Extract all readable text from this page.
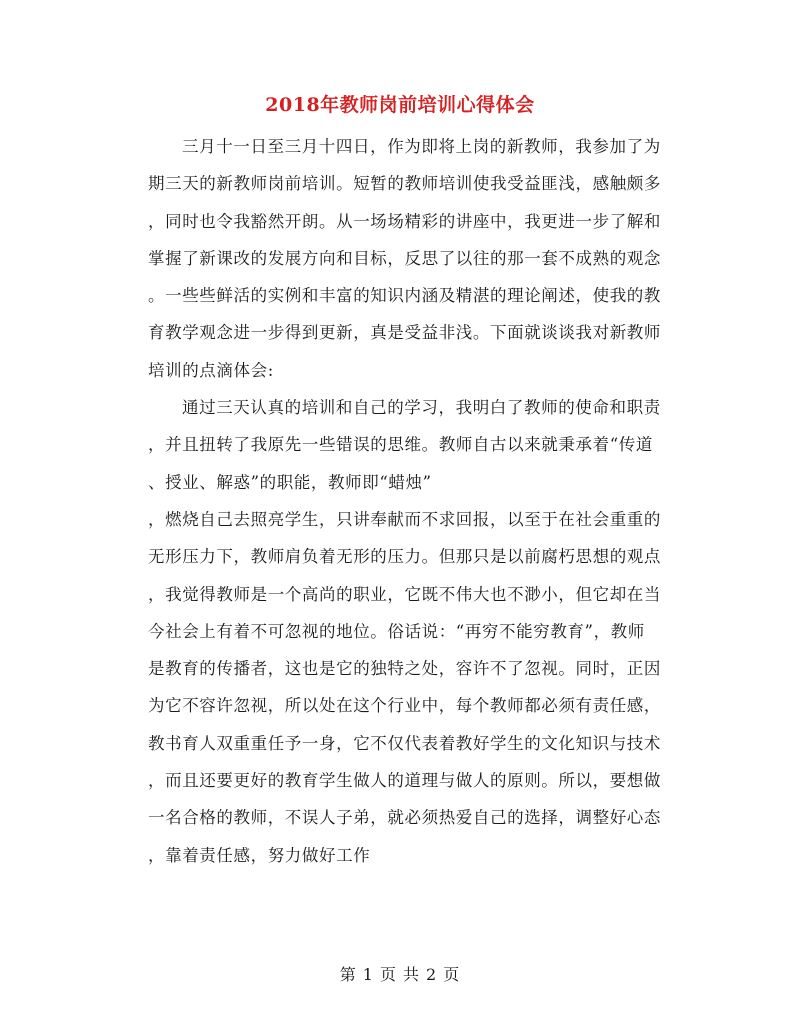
2018年教师岗前培训心得体会
三月十一日至三月十四日，作为即将上岗的新教师，我参加了为
期三天的新教师岗前培训。短暂的教师培训使我受益匪浅，感触颇多
，同时也令我豁然开朗。从一场场精彩的讲座中，我更进一步了解和
掌握了新课改的发展方向和目标，反思了以往的那一套不成熟的观念
。一些些鲜活的实例和丰富的知识内涵及精湛的理论阐述，使我的教
育教学观念进一步得到更新，真是受益非浅。下面就谈谈我对新教师
培训的点滴体会:
通过三天认真的培训和自己的学习，我明白了教师的使命和职责
，并且扭转了我原先一些错误的思维。教师自古以来就秉承着“传道
、授业、解惑”的职能，教师即“蜡烛”
，燃烧自己去照亮学生，只讲奉献而不求回报，以至于在社会重重的
无形压力下，教师肩负着无形的压力。但那只是以前腐朽思想的观点
，我觉得教师是一个高尚的职业，它既不伟大也不渺小，但它却在当
今社会上有着不可忽视的地位。俗话说：“再穷不能穷教育”，教师
是教育的传播者，这也是它的独特之处，容许不了忽视。同时，正因
为它不容许忽视，所以处在这个行业中，每个教师都必须有责任感，
教书育人双重重任予一身，它不仅代表着教好学生的文化知识与技术
，而且还要更好的教育学生做人的道理与做人的原则。所以，要想做
一名合格的教师，不误人子弟，就必须热爱自己的选择，调整好心态
，靠着责任感，努力做好工作
第 1 页 共 2 页
